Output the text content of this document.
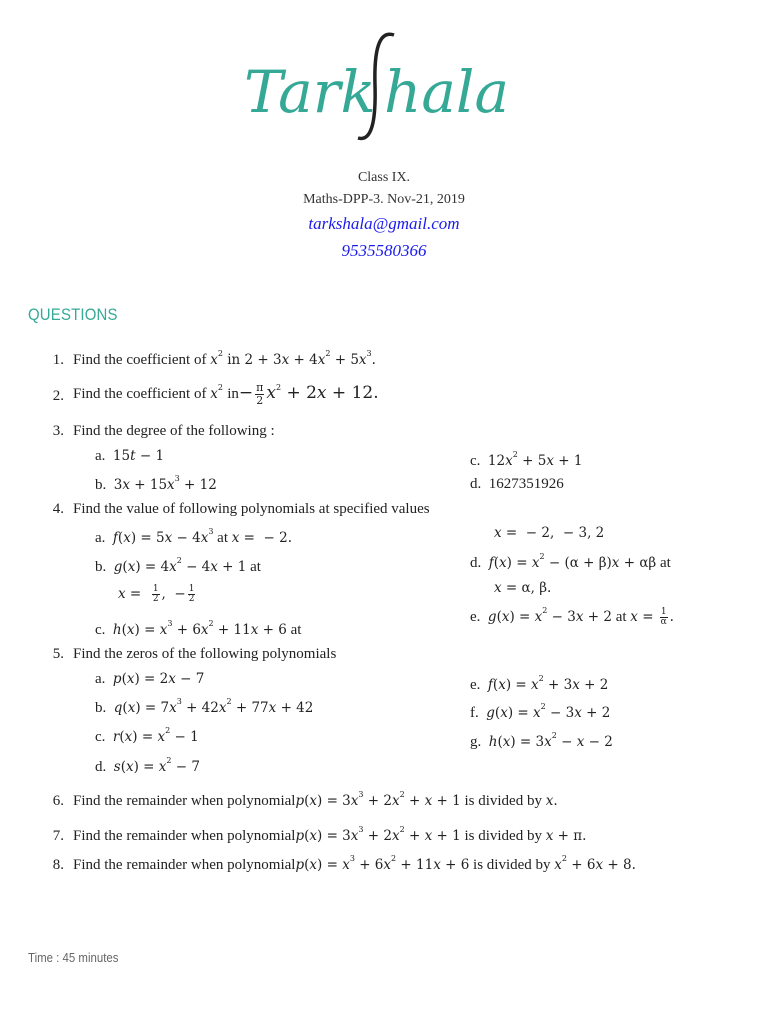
Tark hala
Class IX.
Maths-DPP-3. Nov-21, 2019
tarkshala@gmail.com
9535580366
QUESTIONS
1. Find the coefficient of $x^2$ in $2 + 3x + 4x^2 + 5x^3$.
2. Find the coefficient of $x^2$ $in- \frac{\pi}{2} x^2 + 2x + 12$.
3. Find the degree of the following :
a. 15t − 1
b. $3x + 15x^3 + 12$
c. $12x^2 + 5x + 1$
d. 1627351926
4. Find the value of following polynomials at specified values
a. $f(x) = 5x - 4x^3$ at x =  − 2.
b. $g(x) = 4x^2 - 4x + 1$ at
$x = \frac{1}{2}$ ,  − $\frac{1}{2}$
c. $h(x) = x^3 + 6x^2 + 11x + 6$ at
x =  − 2,  − 3, 2
d. $f(x) = x^2 - (\alpha + \beta)x + \alpha\beta$ at
x = α, β.
e. $g(x) = x^2 - 3x + 2$ at $x = \frac{1}{\alpha}$ .
5. Find the zeros of the following polynomials
a. p(x) = 2x − 7
b. $q(x) = 7x^3 + 42x^2 + 77x + 42$
c. $r(x) = x^2 - 1$
d. $s(x) = x^2 - 7$
e. $f(x) = x^2 + 3x + 2$
f. $g(x) = x^2 - 3x + 2$
g. $h(x) = 3x^2 - x - 2$
6. Find the remainder when polynomialp(x) = $3x^3 + 2x^2 + x + 1$ is divided by x.
7. Find the remainder when polynomialp(x) = $3x^3 + 2x^2 + x + 1$ is divided by x + π.
8. Find the remainder when polynomialp(x) = $x^3 + 6x^2 + 11x + 6$ is divided by $x^2 + 6x + 8$.
Time : 45 minutes
